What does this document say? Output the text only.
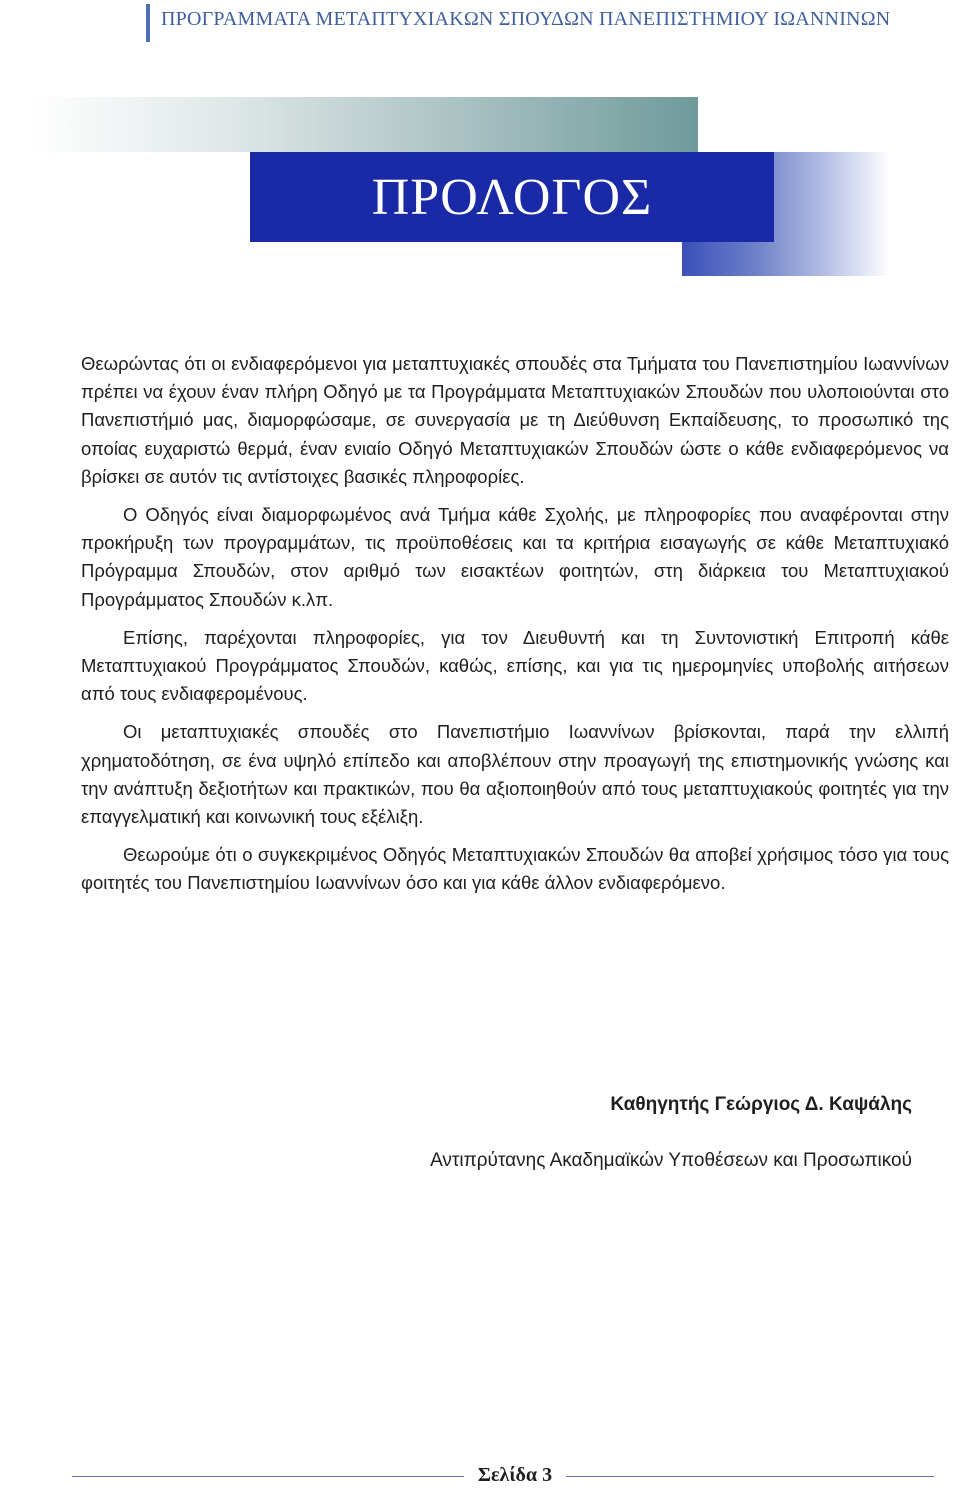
ΠΡΟΓΡΑΜΜΑΤΑ ΜΕΤΑΠΤΥΧΙΑΚΩΝ ΣΠΟΥΔΩΝ ΠΑΝΕΠΙΣΤΗΜΙΟΥ ΙΩΑΝΝΙΝΩΝ
ΠΡΟΛΟΓΟΣ

Θεωρώντας ότι οι ενδιαφερόμενοι για μεταπτυχιακές σπουδές στα Τμήματα του Πανεπιστημίου Ιωαννίνων πρέπει να έχουν έναν πλήρη Οδηγό με τα Προγράμματα Μεταπτυχιακών Σπουδών που υλοποιούνται στο Πανεπιστήμιό μας, διαμορφώσαμε, σε συνεργασία με τη Διεύθυνση Εκπαίδευσης, το προσωπικό της οποίας ευχαριστώ θερμά, έναν ενιαίο Οδηγό Μεταπτυχιακών Σπουδών ώστε ο κάθε ενδιαφερόμενος να βρίσκει σε αυτόν τις αντίστοιχες βασικές πληροφορίες.

Ο Οδηγός είναι διαμορφωμένος ανά Τμήμα κάθε Σχολής, με πληροφορίες που αναφέρονται στην προκήρυξη των προγραμμάτων, τις προϋποθέσεις και τα κριτήρια εισαγωγής σε κάθε Μεταπτυχιακό Πρόγραμμα Σπουδών, στον αριθμό των εισακτέων φοιτητών, στη διάρκεια του Μεταπτυχιακού Προγράμματος Σπουδών κ.λπ.

Επίσης, παρέχονται πληροφορίες, για τον Διευθυντή και τη Συντονιστική Επιτροπή κάθε Μεταπτυχιακού Προγράμματος Σπουδών, καθώς, επίσης, και για τις ημερομηνίες υποβολής αιτήσεων από τους ενδιαφερομένους.

Οι μεταπτυχιακές σπουδές στο Πανεπιστήμιο Ιωαννίνων βρίσκονται, παρά την ελλιπή χρηματοδότηση, σε ένα υψηλό επίπεδο και αποβλέπουν στην προαγωγή της επιστημονικής γνώσης και την ανάπτυξη δεξιοτήτων και πρακτικών, που θα αξιοποιηθούν από τους μεταπτυχιακούς φοιτητές για την επαγγελματική και κοινωνική τους εξέλιξη.

Θεωρούμε ότι ο συγκεκριμένος Οδηγός Μεταπτυχιακών Σπουδών θα αποβεί χρήσιμος τόσο για τους φοιτητές του Πανεπιστημίου Ιωαννίνων όσο και για κάθε άλλον ενδιαφερόμενο.

Καθηγητής Γεώργιος Δ. Καψάλης
Αντιπρύτανης Ακαδημαϊκών Υποθέσεων και Προσωπικού
Σελίδα 3
